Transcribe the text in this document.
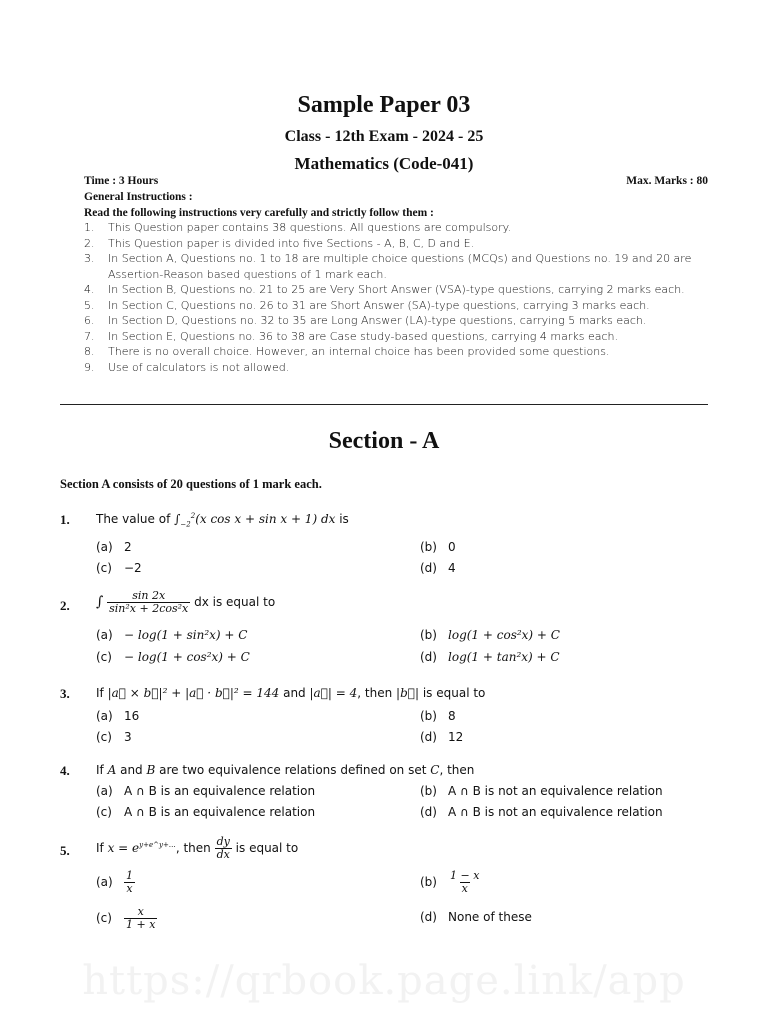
Sample Paper 03
Class - 12th Exam - 2024 - 25
Mathematics (Code-041)
Time : 3 Hours	Max. Marks : 80
General Instructions :
Read the following instructions very carefully and strictly follow them :
1. This Question paper contains 38 questions. All questions are compulsory.
2. This Question paper is divided into five Sections - A, B, C, D and E.
3. In Section A, Questions no. 1 to 18 are multiple choice questions (MCQs) and Questions no. 19 and 20 are Assertion-Reason based questions of 1 mark each.
4. In Section B, Questions no. 21 to 25 are Very Short Answer (VSA)-type questions, carrying 2 marks each.
5. In Section C, Questions no. 26 to 31 are Short Answer (SA)-type questions, carrying 3 marks each.
6. In Section D, Questions no. 32 to 35 are Long Answer (LA)-type questions, carrying 5 marks each.
7. In Section E, Questions no. 36 to 38 are Case study-based questions, carrying 4 marks each.
8. There is no overall choice. However, an internal choice has been provided some questions.
9. Use of calculators is not allowed.
Section - A
Section A consists of 20 questions of 1 mark each.
1. The value of $\int_{-2}^2(x$ cos x + sin x + 1) dx is
(a) 2	(b) 0
(c) −2	(d) 4
2. ∫ $\frac{\sin 2x}{\text{sin²x + 2cos²x}}$ dx is equal to
(a) − log(1 + sin²x) + C	(b) log(1 + cos²x) + C
(c) − log(1 + cos²x) + C	(d) log(1 + tan²x) + C
3. If |a⃗ × b⃗|² + |a⃗ · b⃗|² = 144 and |a⃗| = 4, then |b⃗| is equal to
(a) 16	(b) 8
(c) 3	(d) 12
4. If A and B are two equivalence relations defined on set C, then
(a) A ∩ B is an equivalence relation	(b) A ∩ B is not an equivalence relation
(c) A ∩ B is an equivalence relation	(d) A ∩ B is not an equivalence relation
5. If $x = e^{y+e\^{}y+\dots}$, then $\frac{dy}{dx}$ is equal to
$(a) \frac{1}{x}$	$(b) \frac{1 - x}{x}$
$(c) \frac{x}{1 + x}$	(d) None of these
https://qrbook.page.link/app
